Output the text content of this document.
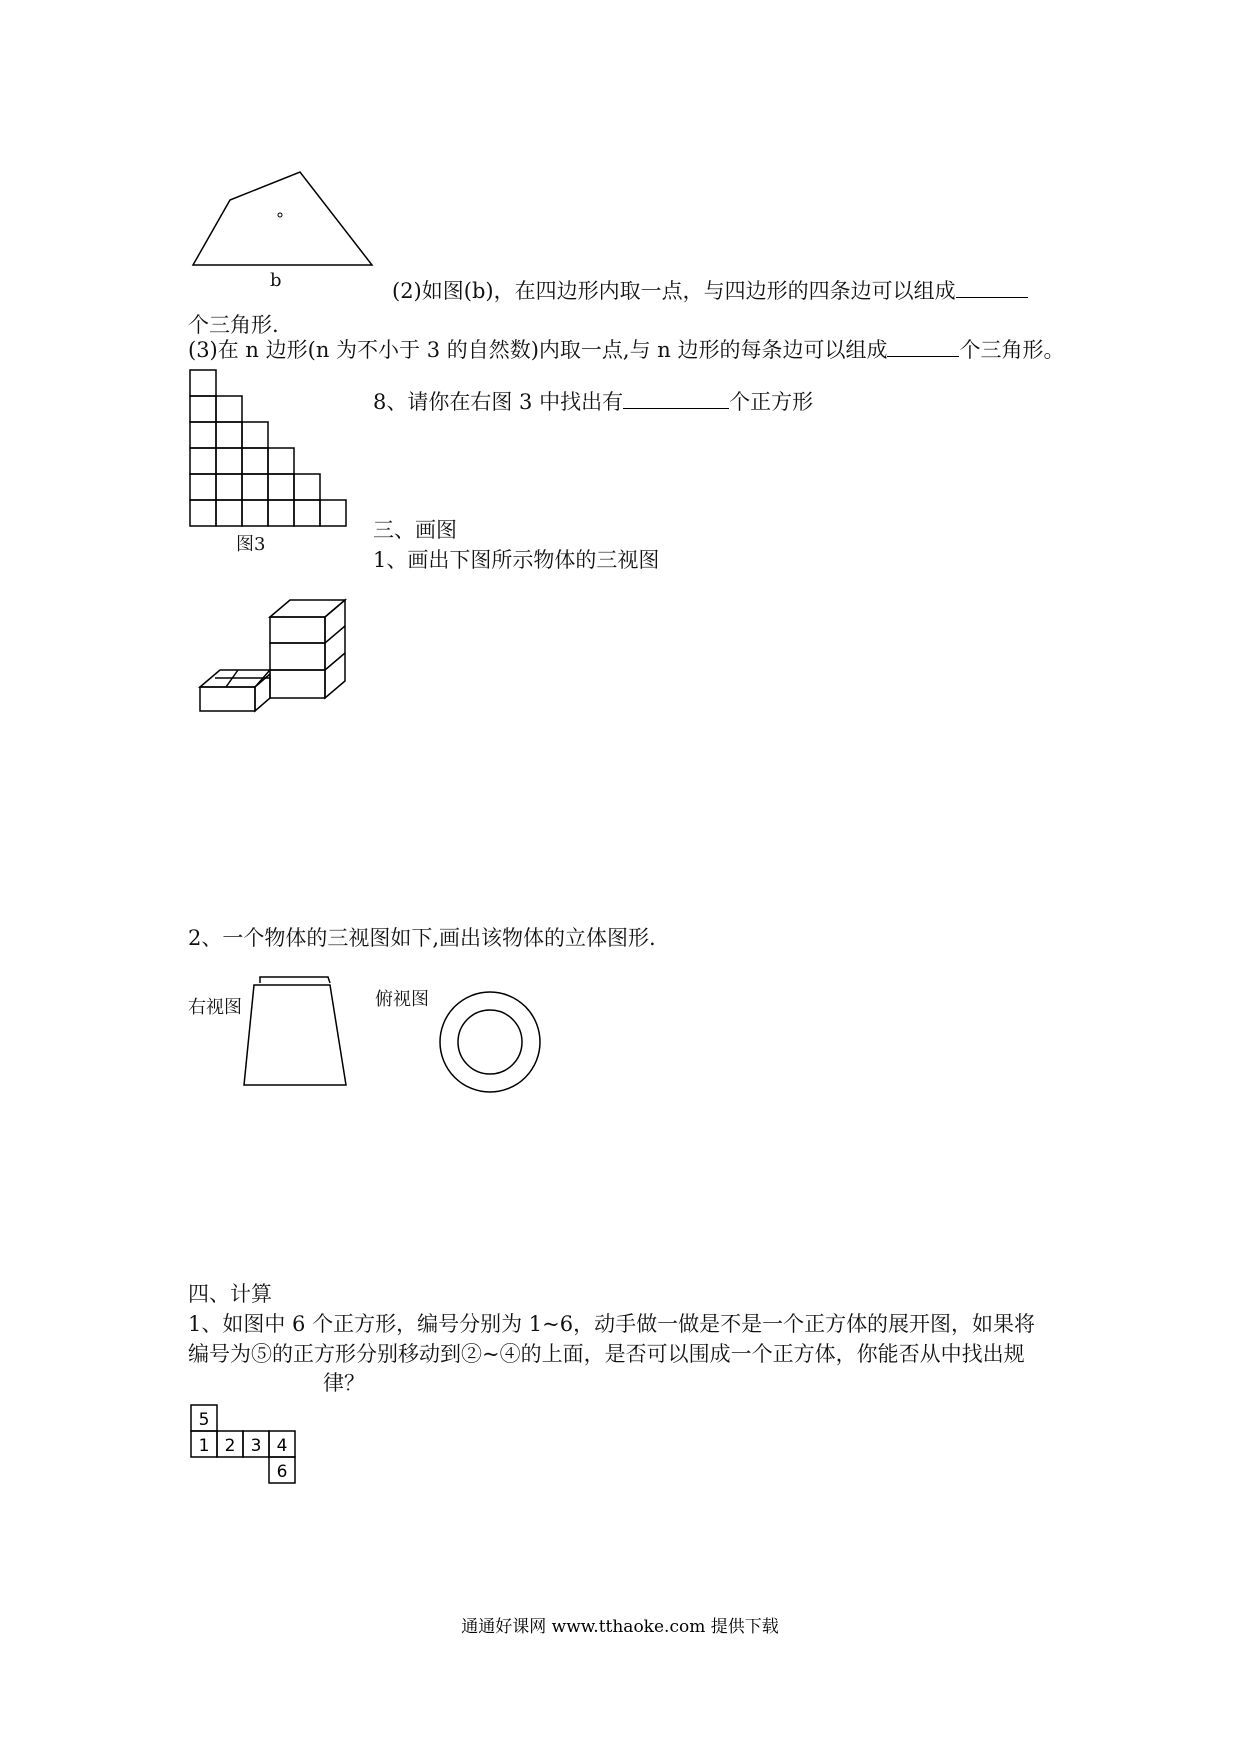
b	(2)如图(b)，在四边形内取一点，与四边形的四条边可以组成
个三角形.
(3)在 n 边形(n 为不小于 3 的自然数)内取一点,与 n 边形的每条边可以组成	个三角形。
图3
8、请你在右图 3 中找出有	个正方形
三、画图
1、画出下图所示物体的三视图
2、一个物体的三视图如下,画出该物体的立体图形.
右视图	俯视图
四、计算
1、如图中 6 个正方形，编号分别为 1~6，动手做一做是不是一个正方体的展开图，如果将
编号为⑤的正方形分别移动到②~④的上面，是否可以围成一个正方体，你能否从中找出规
律？
5
1 2 3 4
6
通通好课网 www.tthaoke.com 提供下载
